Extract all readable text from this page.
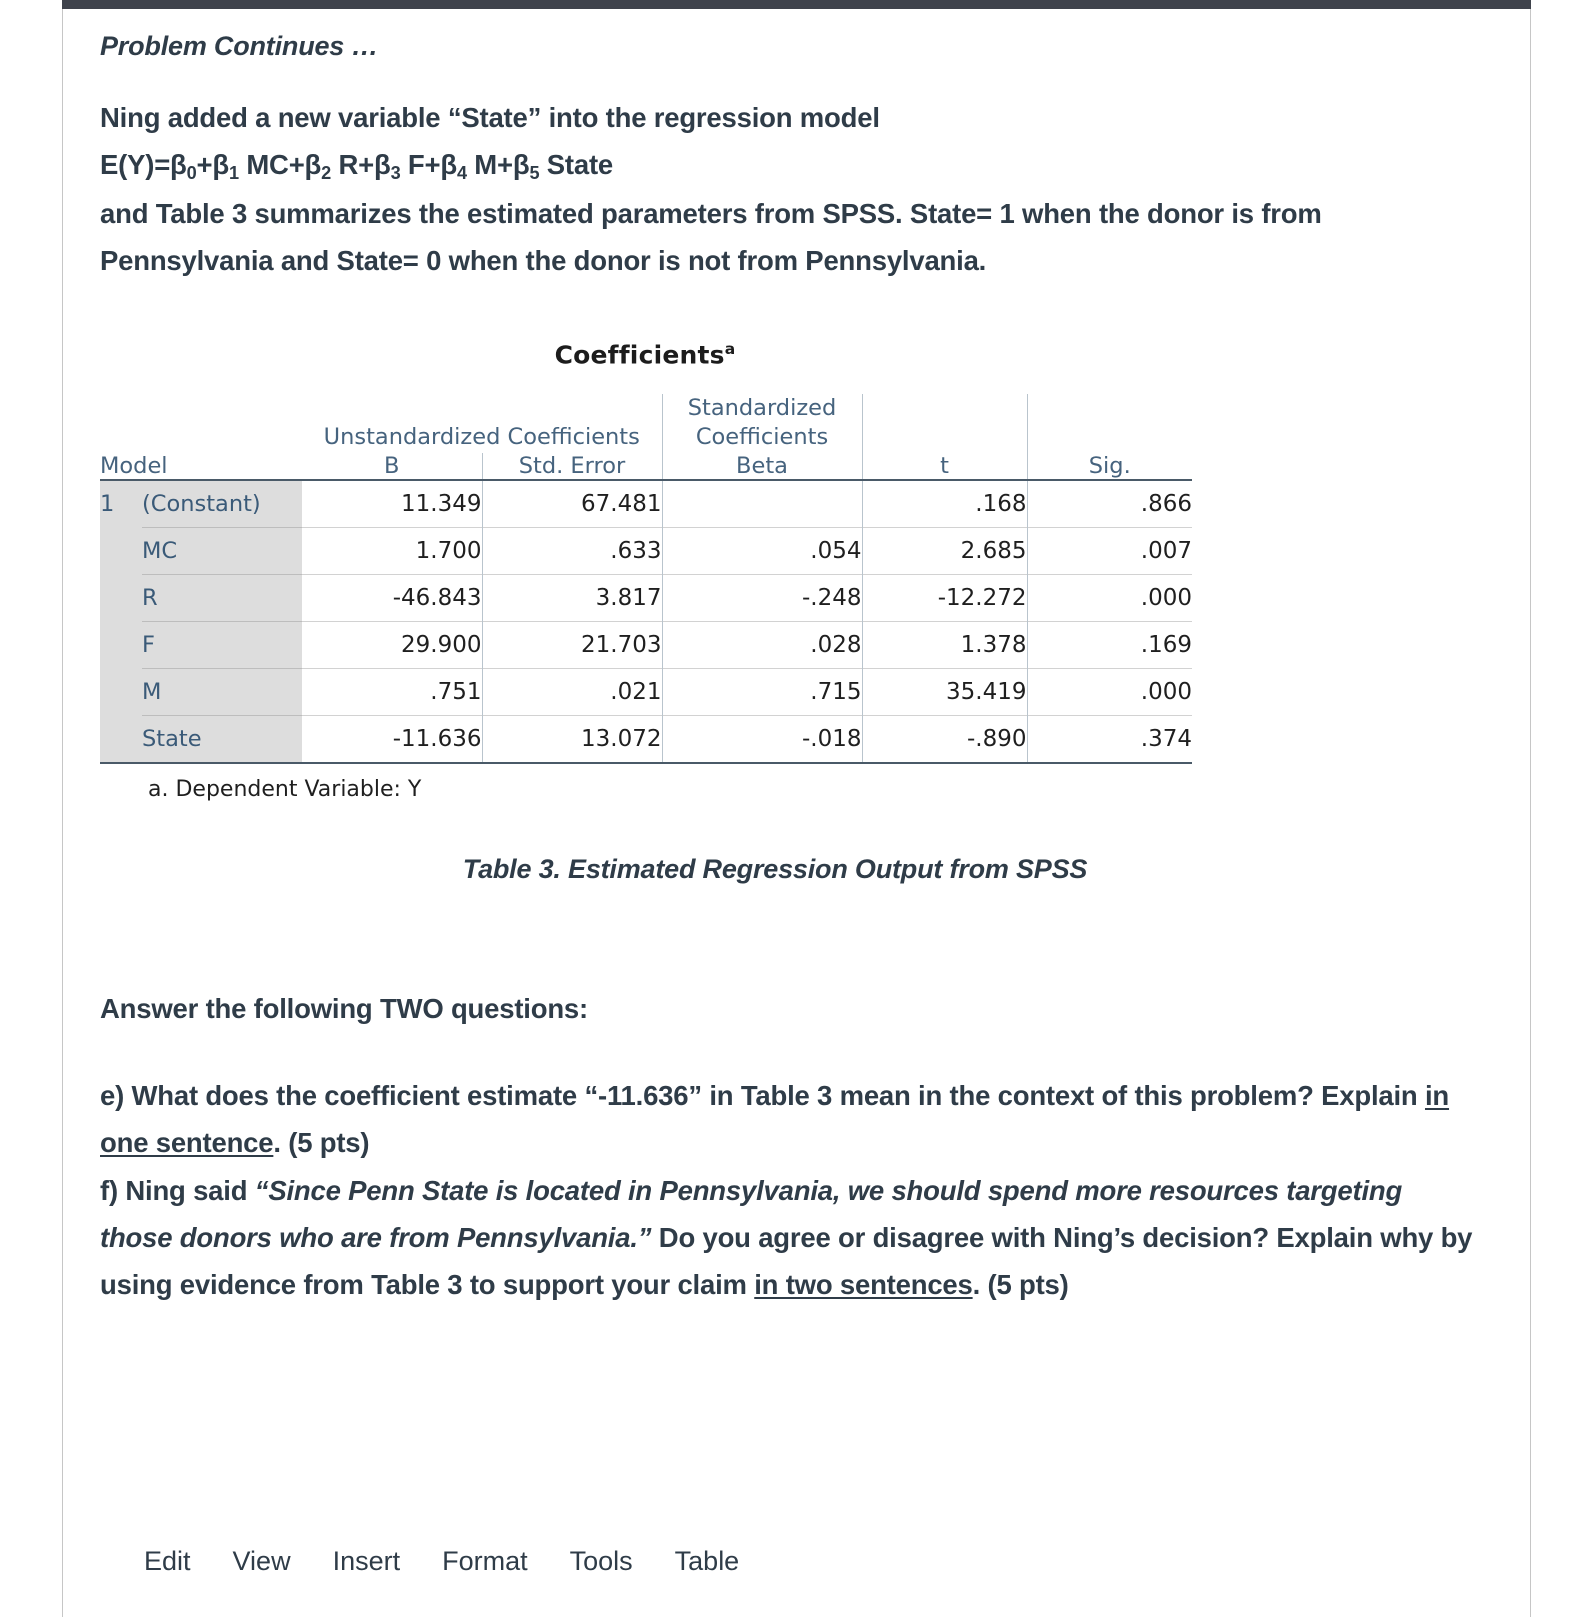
Problem Continues …
Ning added a new variable “State” into the regression model
$E(Y)=\beta_0+\beta_1$ $MC+\beta_2$ $R+\beta_3$ $F+\beta_4$ $M+\beta_5$ State
and Table 3 summarizes the estimated parameters from SPSS. State= 1 when the donor is from
Pennsylvania and State= 0 when the donor is not from Pennsylvania.
Coefficients$^a$
		Unstandardized Coefficients		Standardized Coefficients		
Model		B	Std. Error	Beta	t	Sig.
1	(Constant)	11.349	67.481		.168	.866
	MC	1.700	.633	.054	2.685	.007
	R	-46.843	3.817	-.248	-12.272	.000
	F	29.900	21.703	.028	1.378	.169
	M	.751	.021	.715	35.419	.000
	State	-11.636	13.072	-.018	-.890	.374
a. Dependent Variable: Y
Table 3. Estimated Regression Output from SPSS
Answer the following TWO questions:
e) What does the coefficient estimate “-11.636” in Table 3 mean in the context of this problem? Explain in one sentence. (5 pts)
f) Ning said “Since Penn State is located in Pennsylvania, we should spend more resources targeting those donors who are from Pennsylvania.” Do you agree or disagree with Ning’s decision? Explain why by using evidence from Table 3 to support your claim in two sentences. (5 pts)
Edit	View	Insert	Format	Tools	Table
